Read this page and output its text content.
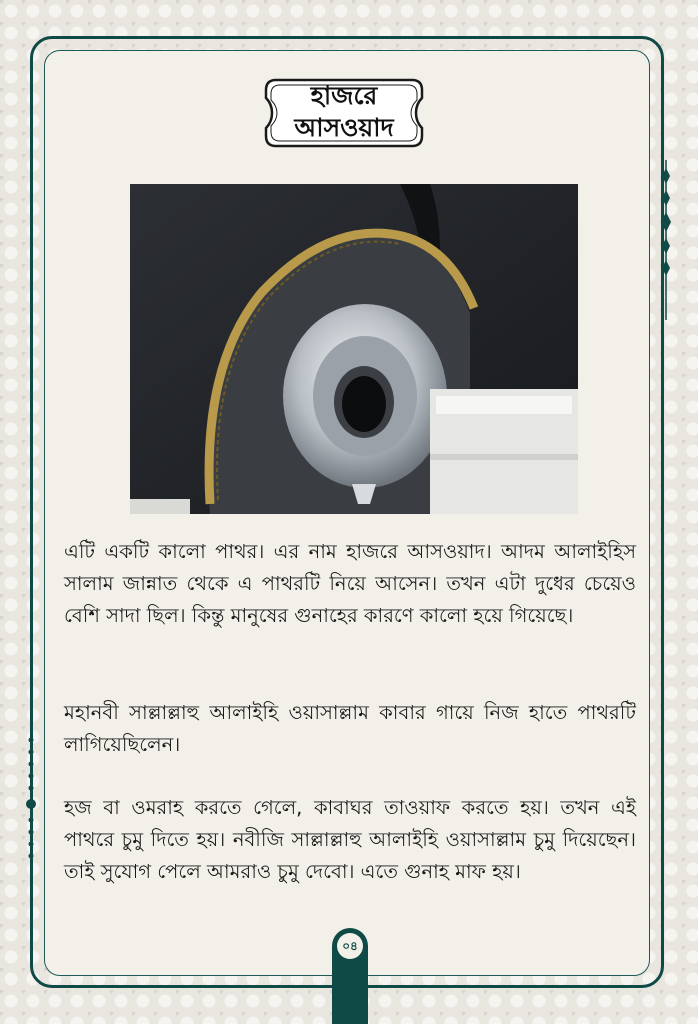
হাজরে
আসওয়াদ

এটি একটি কালো পাথর। এর নাম হাজরে আসওয়াদ। আদম আলাইহিস সালাম জান্নাত থেকে এ পাথরটি নিয়ে আসেন। তখন এটা দুধের চেয়েও বেশি সাদা ছিল। কিন্তু মানুষের গুনাহের কারণে কালো হয়ে গিয়েছে।

মহানবী সাল্লাল্লাহু আলাইহি ওয়াসাল্লাম কাবার গায়ে নিজ হাতে পাথরটি লাগিয়েছিলেন।

হজ বা ওমরাহ করতে গেলে, কাবাঘর তাওয়াফ করতে হয়। তখন এই পাথরে চুমু দিতে হয়। নবীজি সাল্লাল্লাহু আলাইহি ওয়াসাল্লাম চুমু দিয়েছেন। তাই সুযোগ পেলে আমরাও চুমু দেবো। এতে গুনাহ মাফ হয়।

০৪
